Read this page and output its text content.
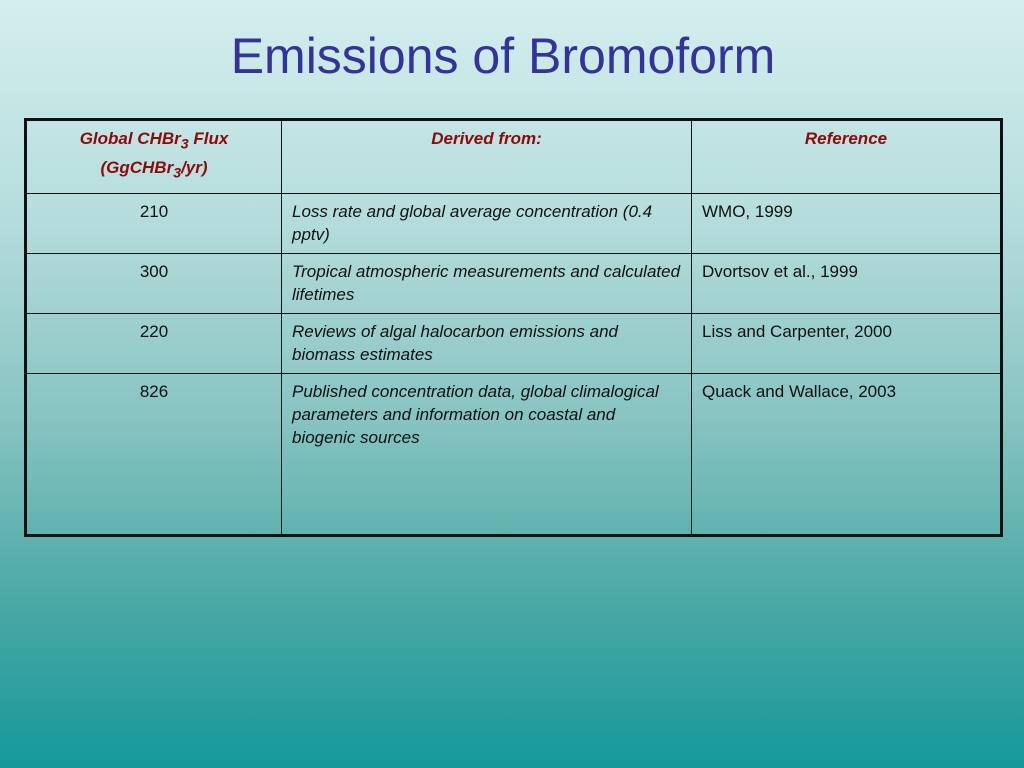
Emissions of Bromoform
Global CHBr$_3$ Flux
(GgCHBr$_3$/yr)	Derived from:	Reference
210	Loss rate and global average concentration (0.4 pptv)	WMO, 1999
300	Tropical atmospheric measurements and calculated lifetimes	Dvortsov et al., 1999
220	Reviews of algal halocarbon emissions and biomass estimates	Liss and Carpenter, 2000
826	Published concentration data, global climalogical parameters and information on coastal and biogenic sources	Quack and Wallace, 2003
